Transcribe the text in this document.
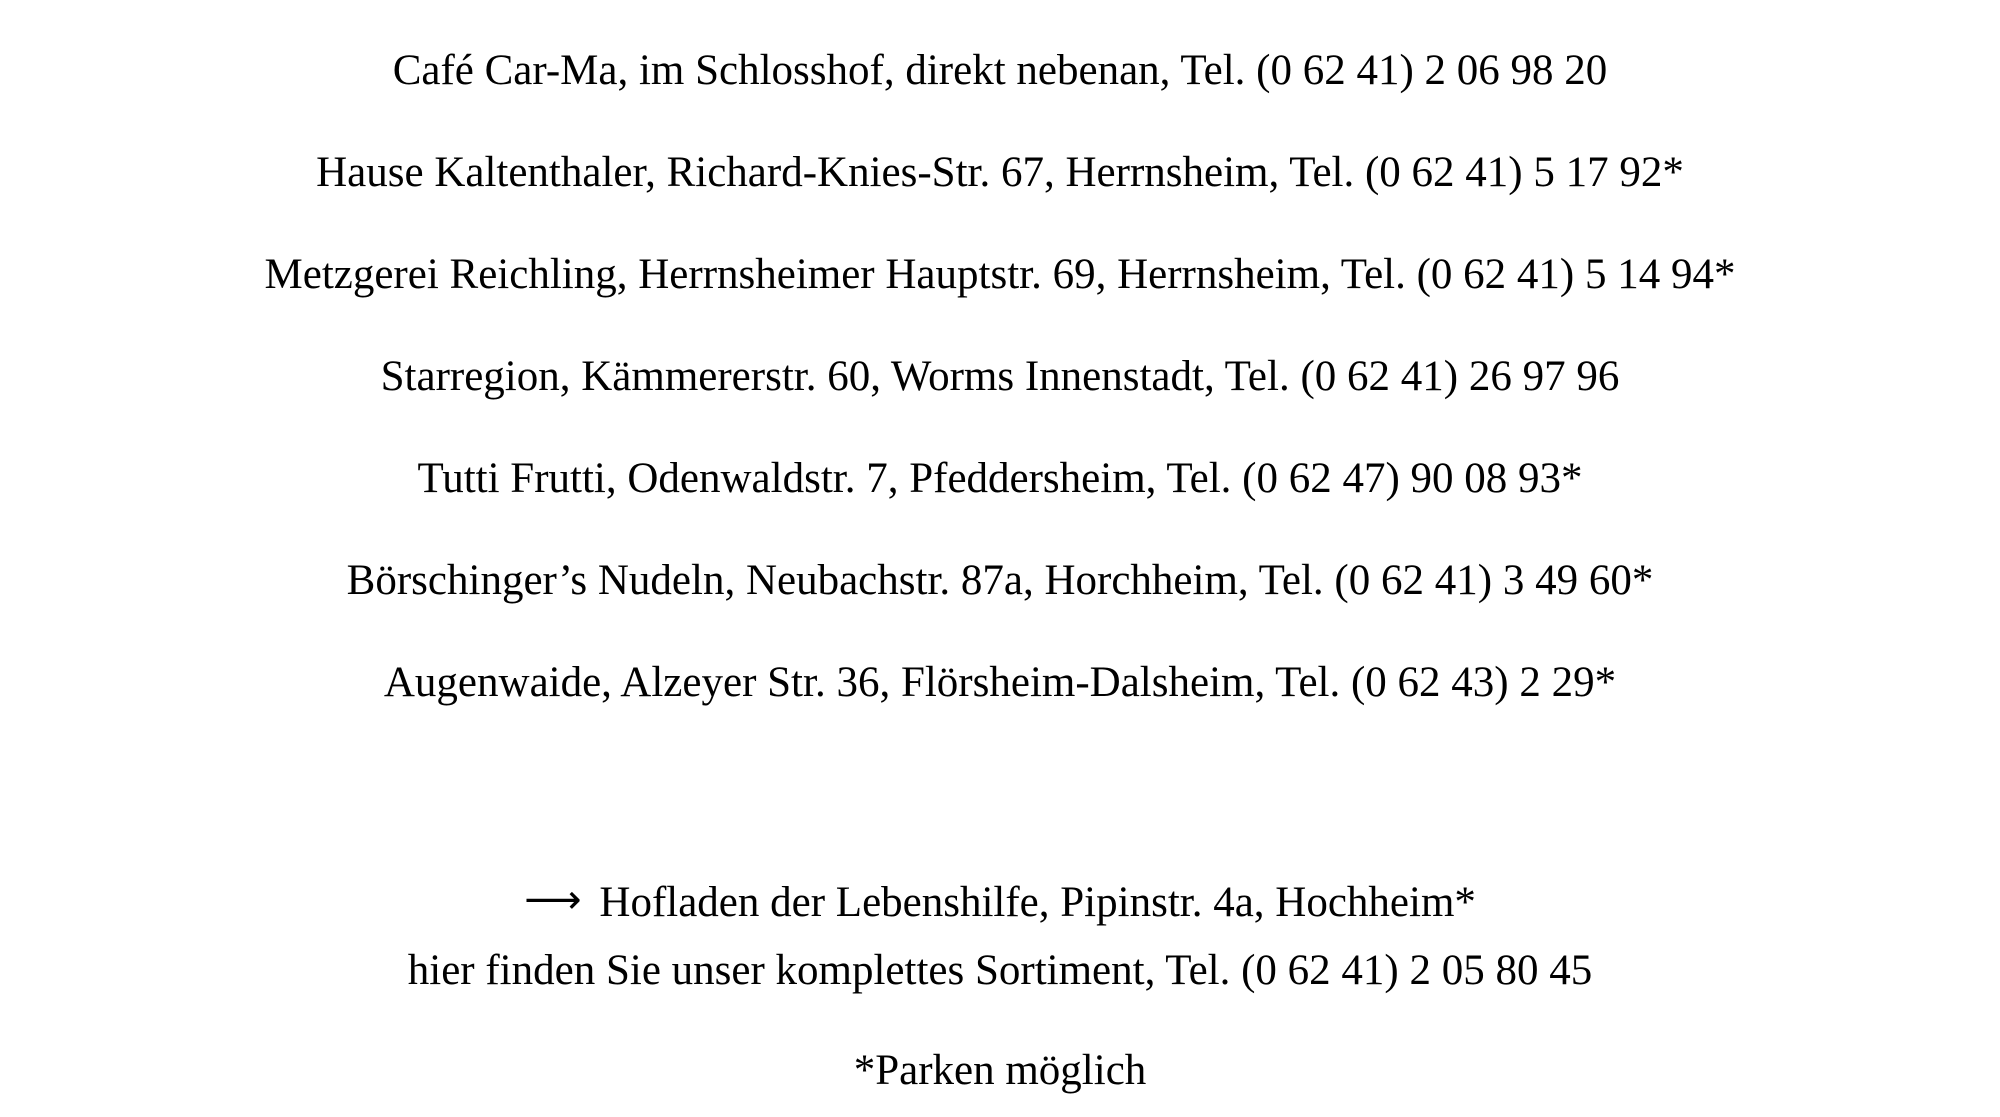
Café Car-Ma, im Schlosshof, direkt nebenan, Tel. (0 62 41) 2 06 98 20

Hause Kaltenthaler, Richard-Knies-Str. 67, Herrnsheim, Tel. (0 62 41) 5 17 92*

Metzgerei Reichling, Herrnsheimer Hauptstr. 69, Herrnsheim, Tel. (0 62 41) 5 14 94*

Starregion, Kämmererstr. 60, Worms Innenstadt, Tel. (0 62 41) 26 97 96

Tutti Frutti, Odenwaldstr. 7, Pfeddersheim, Tel. (0 62 47) 90 08 93*

Börschinger’s Nudeln, Neubachstr. 87a, Horchheim, Tel. (0 62 41) 3 49 60*

Augenwaide, Alzeyer Str. 36, Flörsheim-Dalsheim, Tel. (0 62 43) 2 29*

⟶ Hofladen der Lebenshilfe, Pipinstr. 4a, Hochheim*

hier finden Sie unser komplettes Sortiment, Tel. (0 62 41) 2 05 80 45

*Parken möglich
